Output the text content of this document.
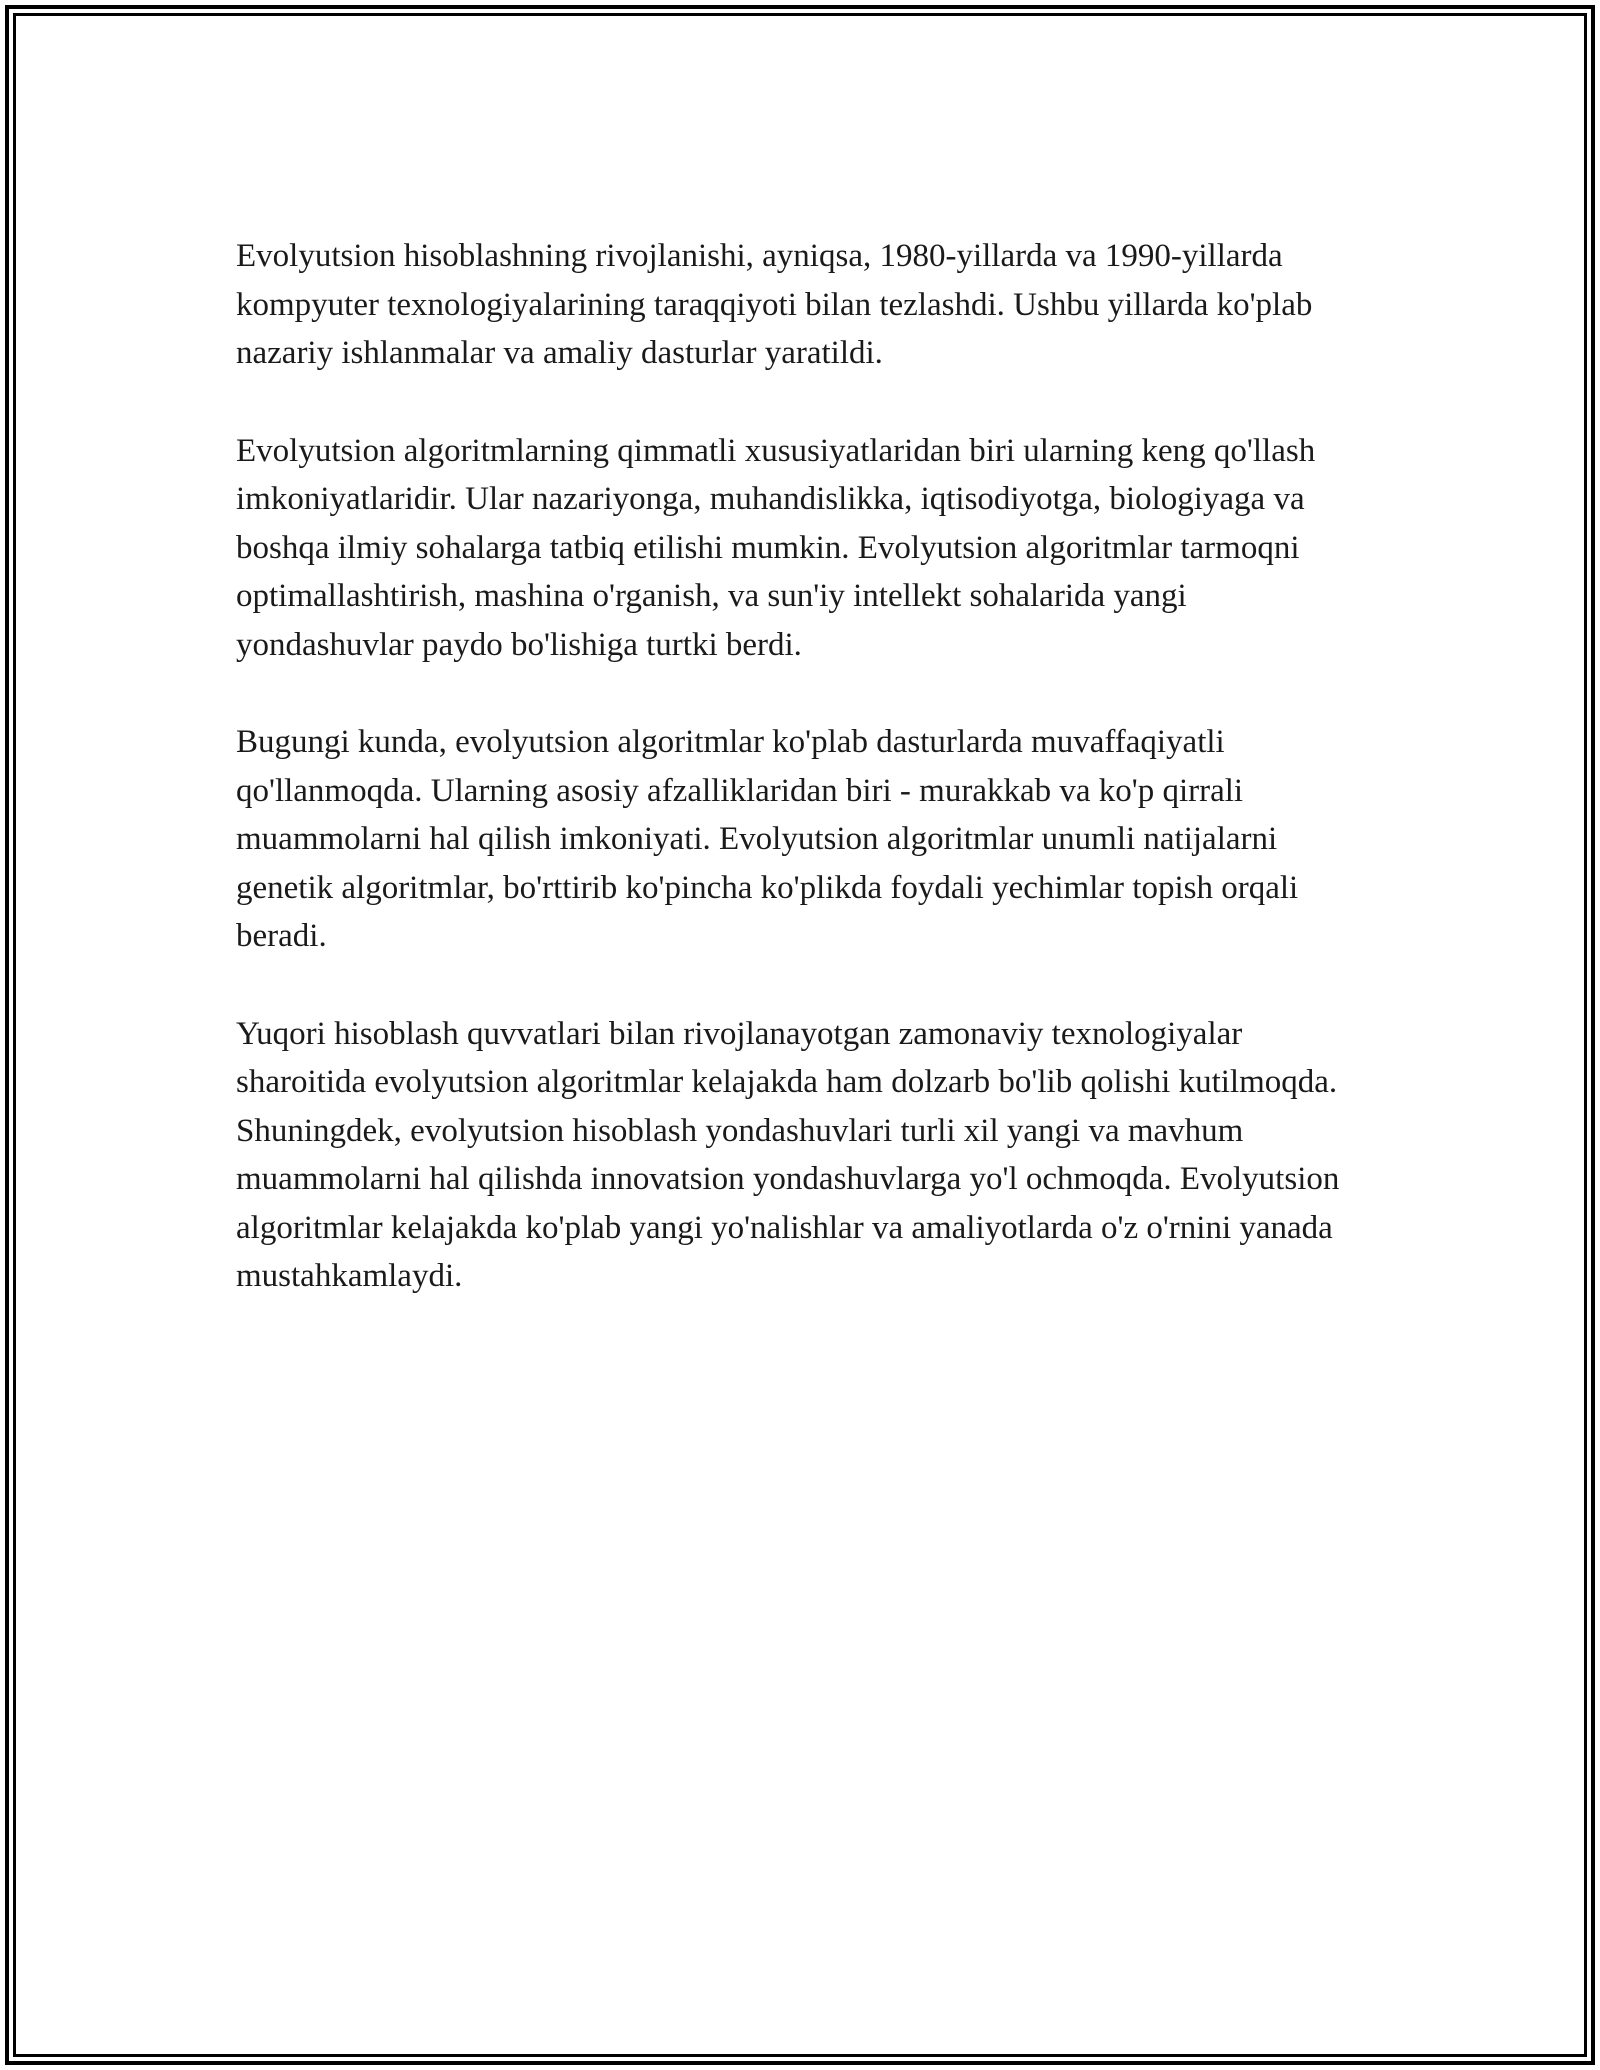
Evolyutsion hisoblashning rivojlanishi, ayniqsa, 1980-yillarda va 1990-yillarda kompyuter texnologiyalarining taraqqiyoti bilan tezlashdi. Ushbu yillarda ko'plab nazariy ishlanmalar va amaliy dasturlar yaratildi.

Evolyutsion algoritmlarning qimmatli xususiyatlaridan biri ularning keng qo'llash imkoniyatlaridir. Ular nazariyonga, muhandislikka, iqtisodiyotga, biologiyaga va boshqa ilmiy sohalarga tatbiq etilishi mumkin. Evolyutsion algoritmlar tarmoqni optimallashtirish, mashina o'rganish, va sun'iy intellekt sohalarida yangi yondashuvlar paydo bo'lishiga turtki berdi.

Bugungi kunda, evolyutsion algoritmlar ko'plab dasturlarda muvaffaqiyatli qo'llanmoqda. Ularning asosiy afzalliklaridan biri - murakkab va ko'p qirrali muammolarni hal qilish imkoniyati. Evolyutsion algoritmlar unumli natijalarni genetik algoritmlar, bo'rttirib ko'pincha ko'plikda foydali yechimlar topish orqali beradi.

Yuqori hisoblash quvvatlari bilan rivojlanayotgan zamonaviy texnologiyalar sharoitida evolyutsion algoritmlar kelajakda ham dolzarb bo'lib qolishi kutilmoqda. Shuningdek, evolyutsion hisoblash yondashuvlari turli xil yangi va mavhum muammolarni hal qilishda innovatsion yondashuvlarga yo'l ochmoqda. Evolyutsion algoritmlar kelajakda ko'plab yangi yo'nalishlar va amaliyotlarda o'z o'rnini yanada mustahkamlaydi.
